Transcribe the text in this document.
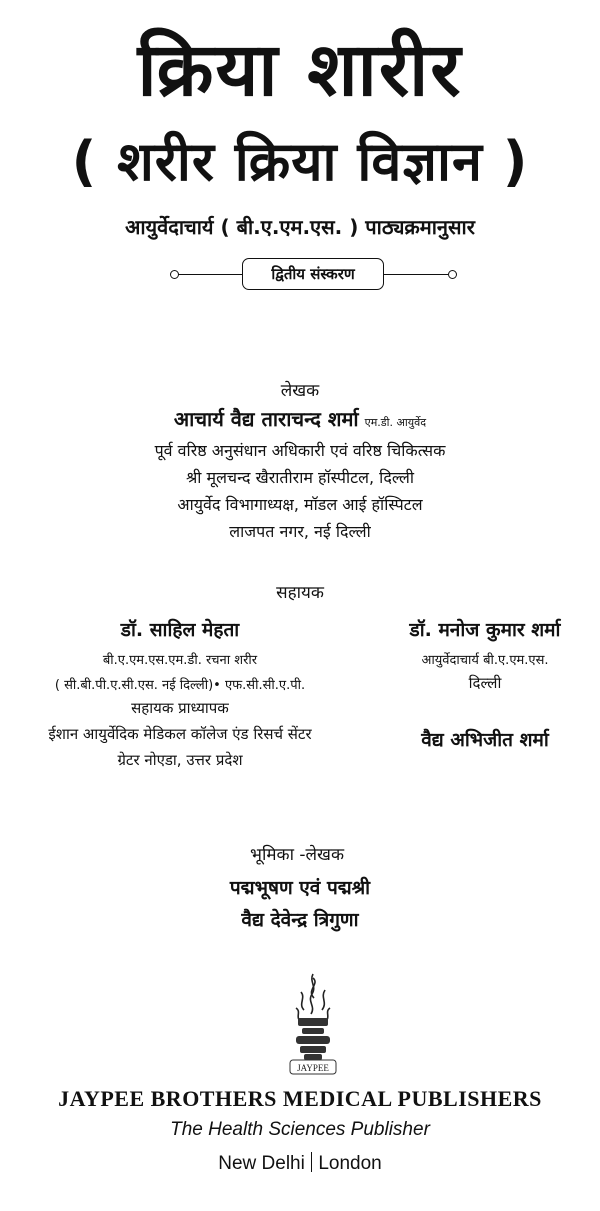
क्रिया शारीर
( शरीर क्रिया विज्ञान )
आयुर्वेदाचार्य ( बी.ए.एम.एस. ) पाठ्यक्रमानुसार
द्वितीय संस्करण
लेखक
आचार्य वैद्य ताराचन्द शर्मा एम.डी. आयुर्वेद
पूर्व वरिष्ठ अनुसंधान अधिकारी एवं वरिष्ठ चिकित्सक
श्री मूलचन्द खैरातीराम हॉस्पीटल, दिल्ली
आयुर्वेद विभागाध्यक्ष, मॉडल आई हॉस्पिटल
लाजपत नगर, नई दिल्ली
सहायक
डॉ. साहिल मेहता
बी.ए.एम.एस.एम.डी. रचना शरीर
( सी.बी.पी.ए.सी.एस. नई दिल्ली)• एफ.सी.सी.ए.पी.
सहायक प्राध्यापक
ईशान आयुर्वेदिक मेडिकल कॉलेज एंड रिसर्च सेंटर
ग्रेटर नोएडा, उत्तर प्रदेश
डॉ. मनोज कुमार शर्मा
आयुर्वेदाचार्य बी.ए.एम.एस.
दिल्ली
वैद्य अभिजीत शर्मा
भूमिका -लेखक
पद्मभूषण एवं पद्मश्री
वैद्य देवेन्द्र त्रिगुणा
JAYPEE
JAYPEE BROTHERS MEDICAL PUBLISHERS
The Health Sciences Publisher
New Delhi London
